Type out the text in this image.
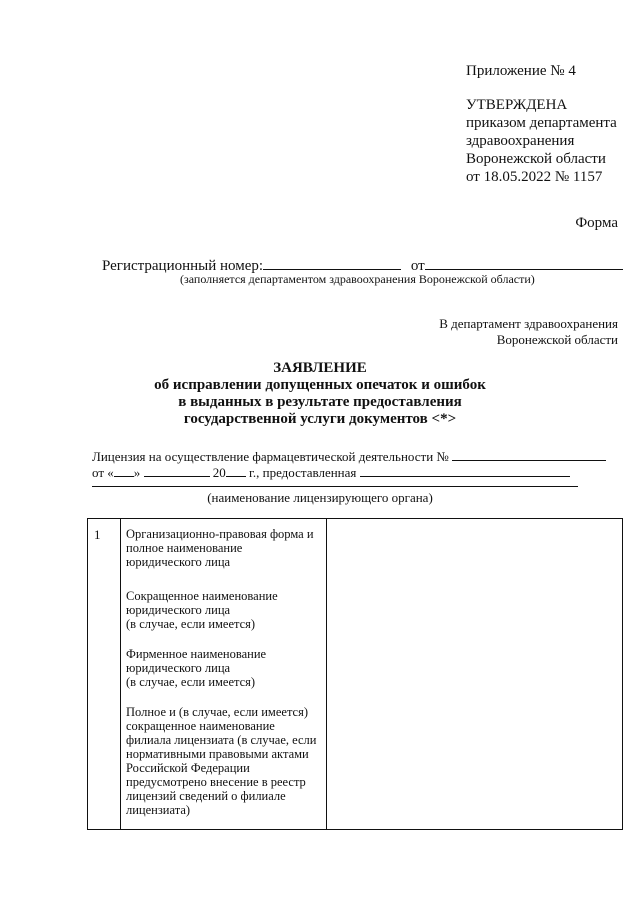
Приложение № 4
УТВЕРЖДЕНА
приказом департамента
здравоохранения
Воронежской области
от 18.05.2022 № 1157
Форма
Регистрационный номер:	от
(заполняется департаментом здравоохранения Воронежской области)
В департамент здравоохранения
Воронежской области
ЗАЯВЛЕНИЕ
об исправлении допущенных опечаток и ошибок
в выданных в результате предоставления
государственной услуги документов <*>
Лицензия на осуществление фармацевтической деятельности №
от « »	20 г., предоставленная
(наименование лицензирующего органа)
1 Организационно-правовая форма и
полное наименование
юридического лица
Сокращенное наименование
юридического лица
(в случае, если имеется)
Фирменное наименование
юридического лица
(в случае, если имеется)
Полное и (в случае, если имеется)
сокращенное наименование
филиала лицензиата (в случае, если
нормативными правовыми актами
Российской Федерации
предусмотрено внесение в реестр
лицензий сведений о филиале
лицензиата)
